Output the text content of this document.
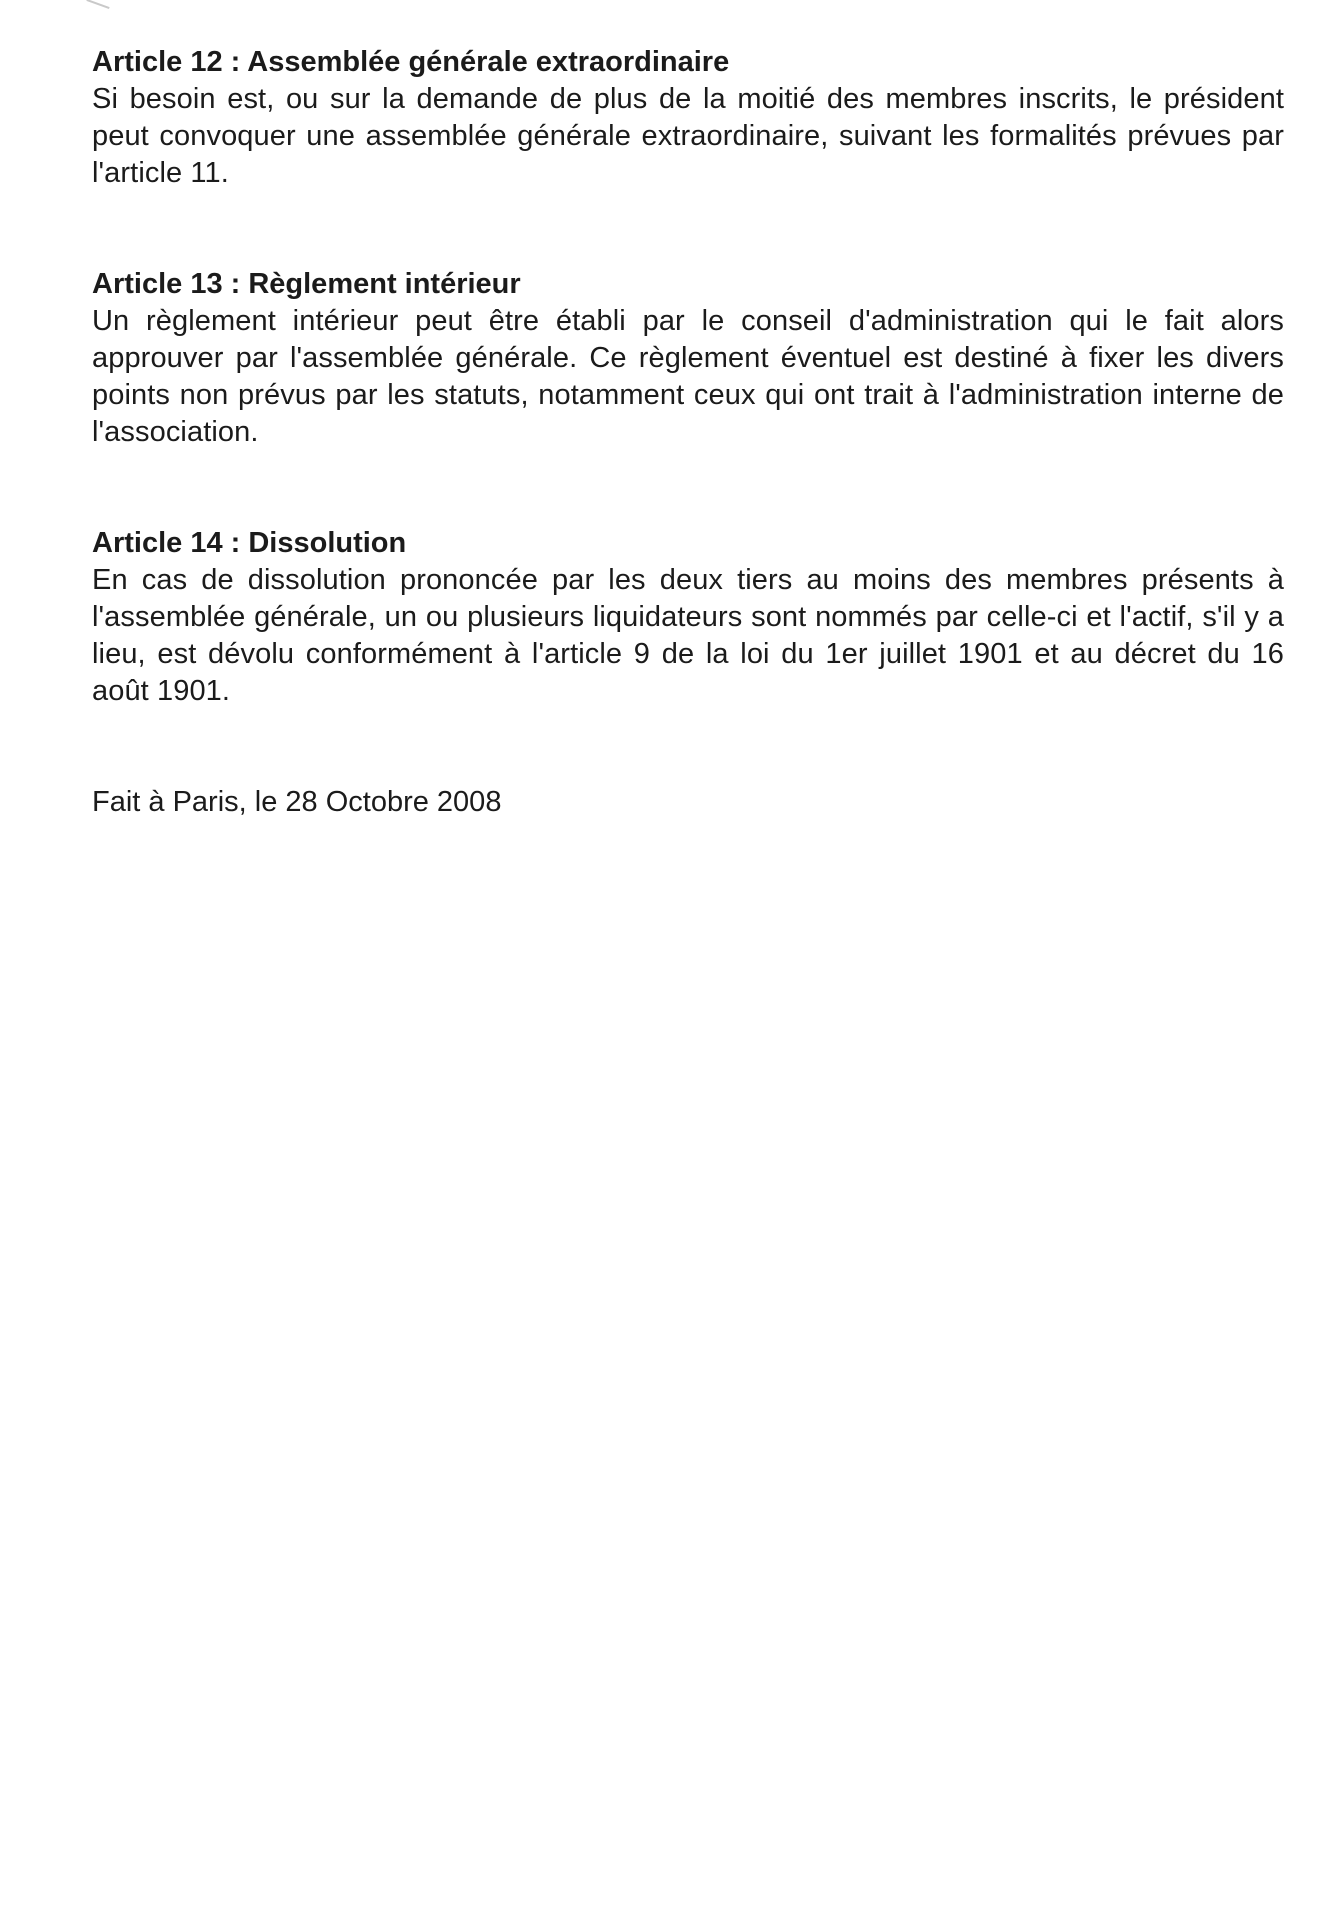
Article 12 : Assemblée générale extraordinaire

Si besoin est, ou sur la demande de plus de la moitié des membres inscrits, le président peut convoquer une assemblée générale extraordinaire, suivant les formalités prévues par l'article 11.

Article 13 : Règlement intérieur

Un règlement intérieur peut être établi par le conseil d'administration qui le fait alors approuver par l'assemblée générale. Ce règlement éventuel est destiné à fixer les divers points non prévus par les statuts, notamment ceux qui ont trait à l'administration interne de l'association.

Article 14 : Dissolution

En cas de dissolution prononcée par les deux tiers au moins des membres présents à l'assemblée générale, un ou plusieurs liquidateurs sont nommés par celle-ci et l'actif, s'il y a lieu, est dévolu conformément à l'article 9 de la loi du 1er juillet 1901 et au décret du 16 août 1901.

Fait à Paris, le 28 Octobre 2008
